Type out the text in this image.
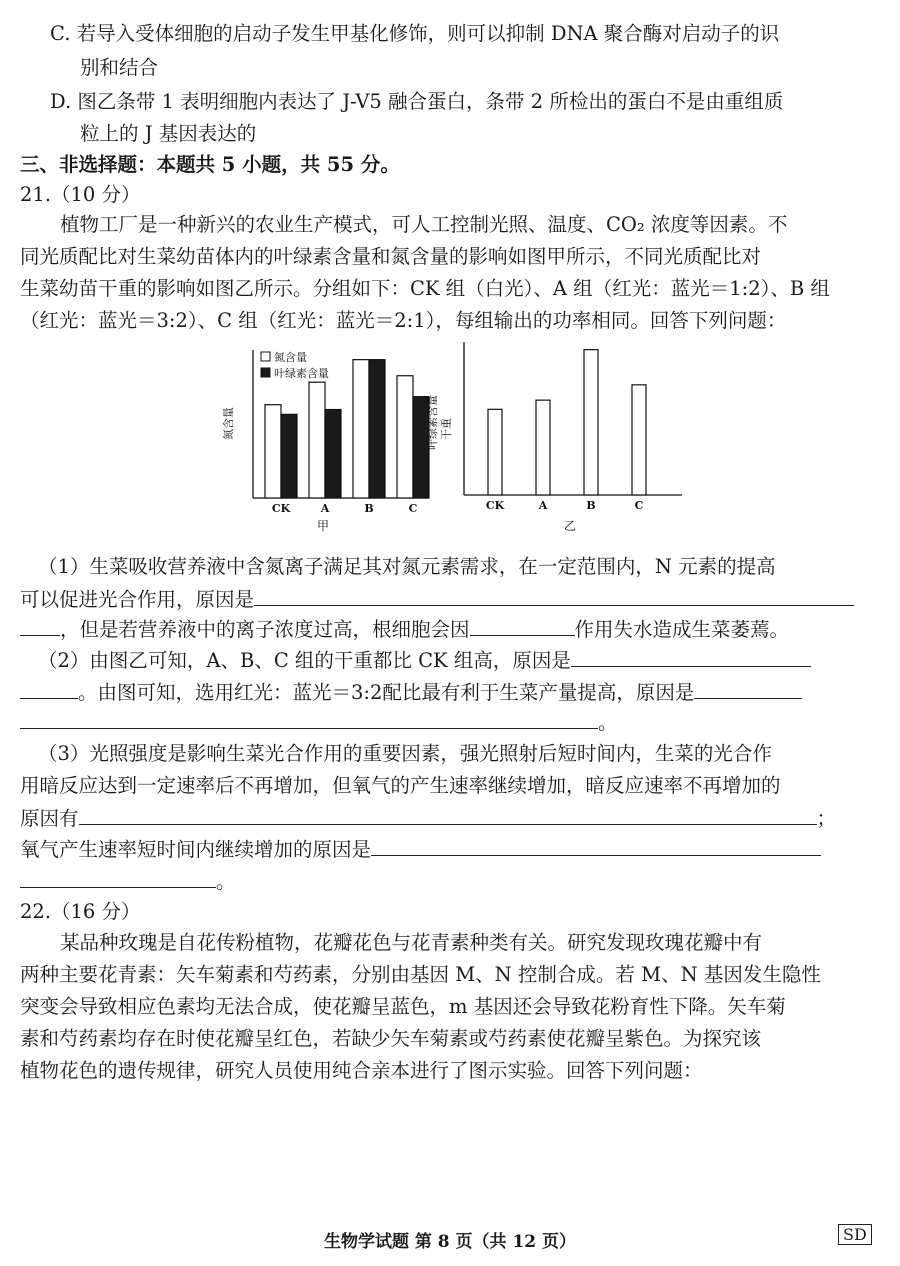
C. 若导入受体细胞的启动子发生甲基化修饰，则可以抑制 DNA 聚合酶对启动子的识
别和结合
D. 图乙条带 1 表明细胞内表达了 J-V5 融合蛋白，条带 2 所检出的蛋白不是由重组质
粒上的 J 基因表达的
三、非选择题：本题共 5 小题，共 55 分。
21.（10 分）
植物工厂是一种新兴的农业生产模式，可人工控制光照、温度、CO₂ 浓度等因素。不
同光质配比对生菜幼苗体内的叶绿素含量和氮含量的影响如图甲所示，不同光质配比对
生菜幼苗干重的影响如图乙所示。分组如下：CK 组（白光）、A 组（红光：蓝光＝1:2）、B 组
（红光：蓝光＝3:2）、C 组（红光：蓝光＝2:1），每组输出的功率相同。回答下列问题：
氮含量
CK	A	B	C
氮含量
叶绿素含量
甲
叶绿素含量 干重
CK	A	B	C
乙
（1）生菜吸收营养液中含氮离子满足其对氮元素需求，在一定范围内，N 元素的提高
可以促进光合作用，原因是
，但是若营养液中的离子浓度过高，根细胞会因	作用失水造成生菜萎蔫。
（2）由图乙可知，A、B、C 组的干重都比 CK 组高，原因是
。由图可知，选用红光：蓝光＝3:2配比最有利于生菜产量提高，原因是
。
（3）光照强度是影响生菜光合作用的重要因素，强光照射后短时间内，生菜的光合作
用暗反应达到一定速率后不再增加，但氧气的产生速率继续增加，暗反应速率不再增加的
原因有	；
氧气产生速率短时间内继续增加的原因是
。
22.（16 分）
某品种玫瑰是自花传粉植物，花瓣花色与花青素种类有关。研究发现玫瑰花瓣中有
两种主要花青素：矢车菊素和芍药素，分别由基因 M、N 控制合成。若 M、N 基因发生隐性
突变会导致相应色素均无法合成，使花瓣呈蓝色，m 基因还会导致花粉育性下降。矢车菊
素和芍药素均存在时使花瓣呈红色，若缺少矢车菊素或芍药素使花瓣呈紫色。为探究该
植物花色的遗传规律，研究人员使用纯合亲本进行了图示实验。回答下列问题：
生物学试题 第 8 页（共 12 页）	SD
